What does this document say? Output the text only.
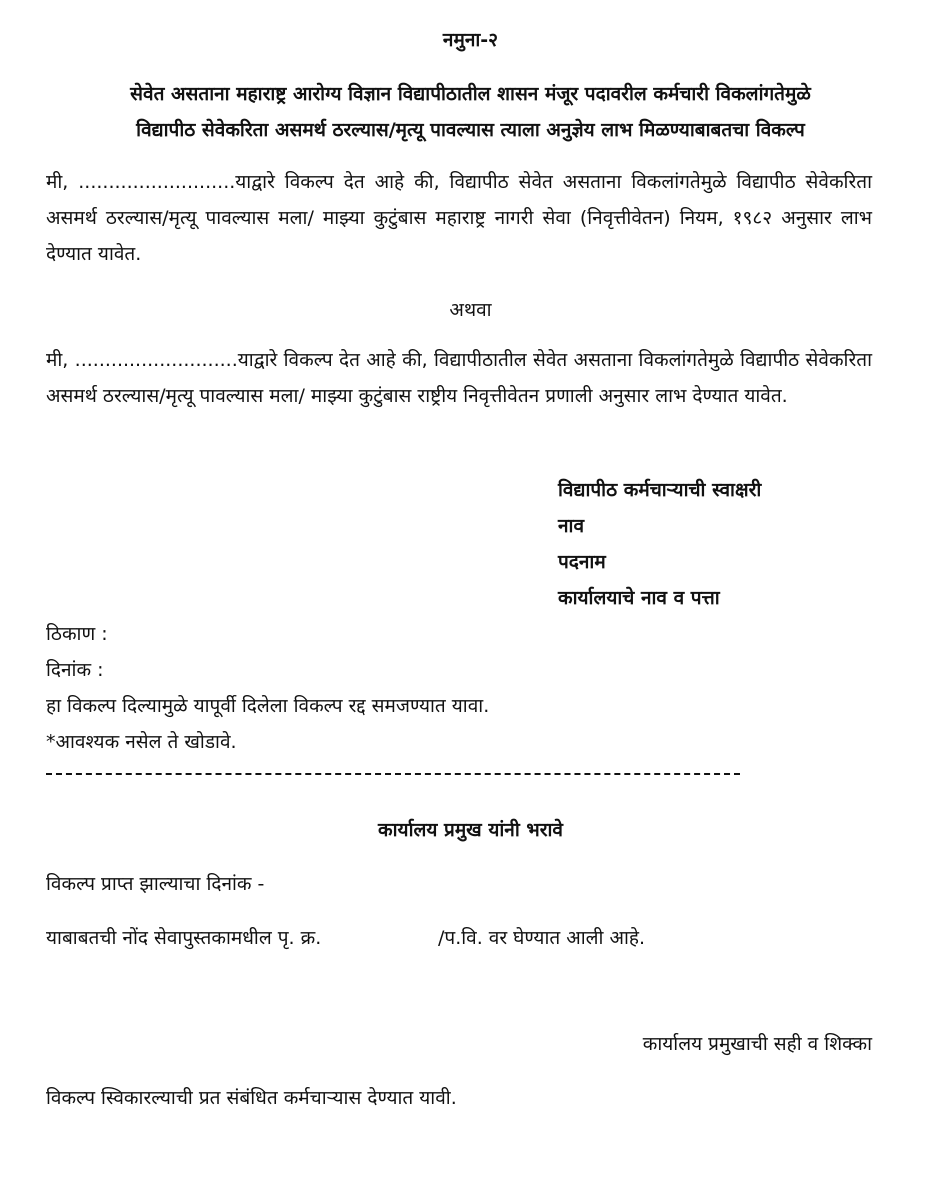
नमुना-२
सेवेत असताना महाराष्ट्र आरोग्य विज्ञान विद्यापीठातील शासन मंजूर पदावरील कर्मचारी विकलांगतेमुळे
विद्यापीठ सेवेकरिता असमर्थ ठरल्यास/मृत्यू पावल्यास त्याला अनुज्ञेय लाभ मिळण्याबाबतचा विकल्प
मी, ..........................याद्वारे विकल्प देत आहे की, विद्यापीठ सेवेत असताना विकलांगतेमुळे विद्यापीठ सेवेकरिता असमर्थ ठरल्यास/मृत्यू पावल्यास मला/ माझ्या कुटुंबास महाराष्ट्र नागरी सेवा (निवृत्तीवेतन) नियम, १९८२ अनुसार लाभ देण्यात यावेत.
अथवा
मी, ...........................याद्वारे विकल्प देत आहे की, विद्यापीठातील सेवेत असताना विकलांगतेमुळे विद्यापीठ सेवेकरिता असमर्थ ठरल्यास/मृत्यू पावल्यास मला/ माझ्या कुटुंबास राष्ट्रीय निवृत्तीवेतन प्रणाली अनुसार लाभ देण्यात यावेत.
विद्यापीठ कर्मचाऱ्याची स्वाक्षरी
नाव
पदनाम
कार्यालयाचे नाव व पत्ता
ठिकाण :
दिनांक :
हा विकल्प दिल्यामुळे यापूर्वी दिलेला विकल्प रद्द समजण्यात यावा.
*आवश्यक नसेल ते खोडावे.
कार्यालय प्रमुख यांनी भरावे
विकल्प प्राप्त झाल्याचा दिनांक -
याबाबतची नोंद सेवापुस्तकामधील पृ. क्र.	/प.वि. वर घेण्यात आली आहे.
कार्यालय प्रमुखाची सही व शिक्का
विकल्प स्विकारल्याची प्रत संबंधित कर्मचाऱ्यास देण्यात यावी.
